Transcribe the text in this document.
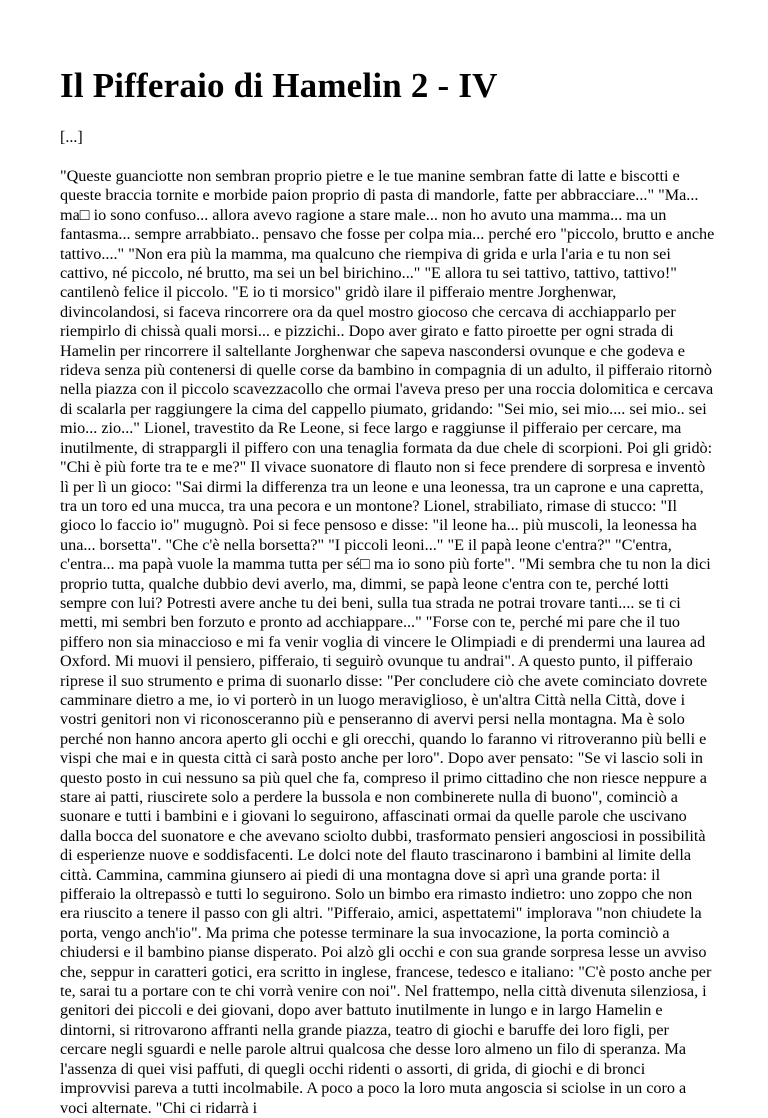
Il Pifferaio di Hamelin 2 - IV

[...]

"Queste guanciotte non sembran proprio pietre e le tue manine sembran fatte di latte e biscotti e queste braccia tornite e morbide paion proprio di pasta di mandorle, fatte per abbracciare..." "Ma... ma□ io sono confuso... allora avevo ragione a stare male... non ho avuto una mamma... ma un fantasma... sempre arrabbiato.. pensavo che fosse per colpa mia... perché ero "piccolo, brutto e anche tattivo...." "Non era più la mamma, ma qualcuno che riempiva di grida e urla l'aria e tu non sei cattivo, né piccolo, né brutto, ma sei un bel birichino..." "E allora tu sei tattivo, tattivo, tattivo!" cantilenò felice il piccolo. "E io ti morsico" gridò ilare il pifferaio mentre Jorghenwar, divincolandosi, si faceva rincorrere ora da quel mostro giocoso che cercava di acchiapparlo per riempirlo di chissà quali morsi... e pizzichi.. Dopo aver girato e fatto piroette per ogni strada di Hamelin per rincorrere il saltellante Jorghenwar che sapeva nascondersi ovunque e che godeva e rideva senza più contenersi di quelle corse da bambino in compagnia di un adulto, il pifferaio ritornò nella piazza con il piccolo scavezzacollo che ormai l'aveva preso per una roccia dolomitica e cercava di scalarla per raggiungere la cima del cappello piumato, gridando: "Sei mio, sei mio.... sei mio.. sei mio... zio..." Lionel, travestito da Re Leone, si fece largo e raggiunse il pifferaio per cercare, ma inutilmente, di strappargli il piffero con una tenaglia formata da due chele di scorpioni. Poi gli gridò: "Chi è più forte tra te e me?" Il vivace suonatore di flauto non si fece prendere di sorpresa e inventò lì per lì un gioco: "Sai dirmi la differenza tra un leone e una leonessa, tra un caprone e una capretta, tra un toro ed una mucca, tra una pecora e un montone? Lionel, strabiliato, rimase di stucco: "Il gioco lo faccio io" mugugnò. Poi si fece pensoso e disse: "il leone ha... più muscoli, la leonessa ha una... borsetta". "Che c'è nella borsetta?" "I piccoli leoni..." "E il papà leone c'entra?" "C'entra, c'entra... ma papà vuole la mamma tutta per sé□ ma io sono più forte". "Mi sembra che tu non la dici proprio tutta, qualche dubbio devi averlo, ma, dimmi, se papà leone c'entra con te, perché lotti sempre con lui? Potresti avere anche tu dei beni, sulla tua strada ne potrai trovare tanti.... se ti ci metti, mi sembri ben forzuto e pronto ad acchiappare..." "Forse con te, perché mi pare che il tuo piffero non sia minaccioso e mi fa venir voglia di vincere le Olimpiadi e di prendermi una laurea ad Oxford. Mi muovi il pensiero, pifferaio, ti seguirò ovunque tu andrai". A questo punto, il pifferaio riprese il suo strumento e prima di suonarlo disse: "Per concludere ciò che avete cominciato dovrete camminare dietro a me, io vi porterò in un luogo meraviglioso, è un'altra Città nella Città, dove i vostri genitori non vi riconosceranno più e penseranno di avervi persi nella montagna. Ma è solo perché non hanno ancora aperto gli occhi e gli orecchi, quando lo faranno vi ritroveranno più belli e vispi che mai e in questa città ci sarà posto anche per loro". Dopo aver pensato: "Se vi lascio soli in questo posto in cui nessuno sa più quel che fa, compreso il primo cittadino che non riesce neppure a stare ai patti, riuscirete solo a perdere la bussola e non combinerete nulla di buono", cominciò a suonare e tutti i bambini e i giovani lo seguirono, affascinati ormai da quelle parole che uscivano dalla bocca del suonatore e che avevano sciolto dubbi, trasformato pensieri angosciosi in possibilità di esperienze nuove e soddisfacenti. Le dolci note del flauto trascinarono i bambini al limite della città. Cammina, cammina giunsero ai piedi di una montagna dove si aprì una grande porta: il pifferaio la oltrepassò e tutti lo seguirono. Solo un bimbo era rimasto indietro: uno zoppo che non era riuscito a tenere il passo con gli altri. "Pifferaio, amici, aspettatemi" implorava "non chiudete la porta, vengo anch'io". Ma prima che potesse terminare la sua invocazione, la porta cominciò a chiudersi e il bambino pianse disperato. Poi alzò gli occhi e con sua grande sorpresa lesse un avviso che, seppur in caratteri gotici, era scritto in inglese, francese, tedesco e italiano: "C'è posto anche per te, sarai tu a portare con te chi vorrà venire con noi". Nel frattempo, nella città divenuta silenziosa, i genitori dei piccoli e dei giovani, dopo aver battuto inutilmente in lungo e in largo Hamelin e dintorni, si ritrovarono affranti nella grande piazza, teatro di giochi e baruffe dei loro figli, per cercare negli sguardi e nelle parole altrui qualcosa che desse loro almeno un filo di speranza. Ma l'assenza di quei visi paffuti, di quegli occhi ridenti o assorti, di grida, di giochi e di bronci improvvisi pareva a tutti incolmabile. A poco a poco la loro muta angoscia si sciolse in un coro a voci alternate. "Chi ci ridarrà i
